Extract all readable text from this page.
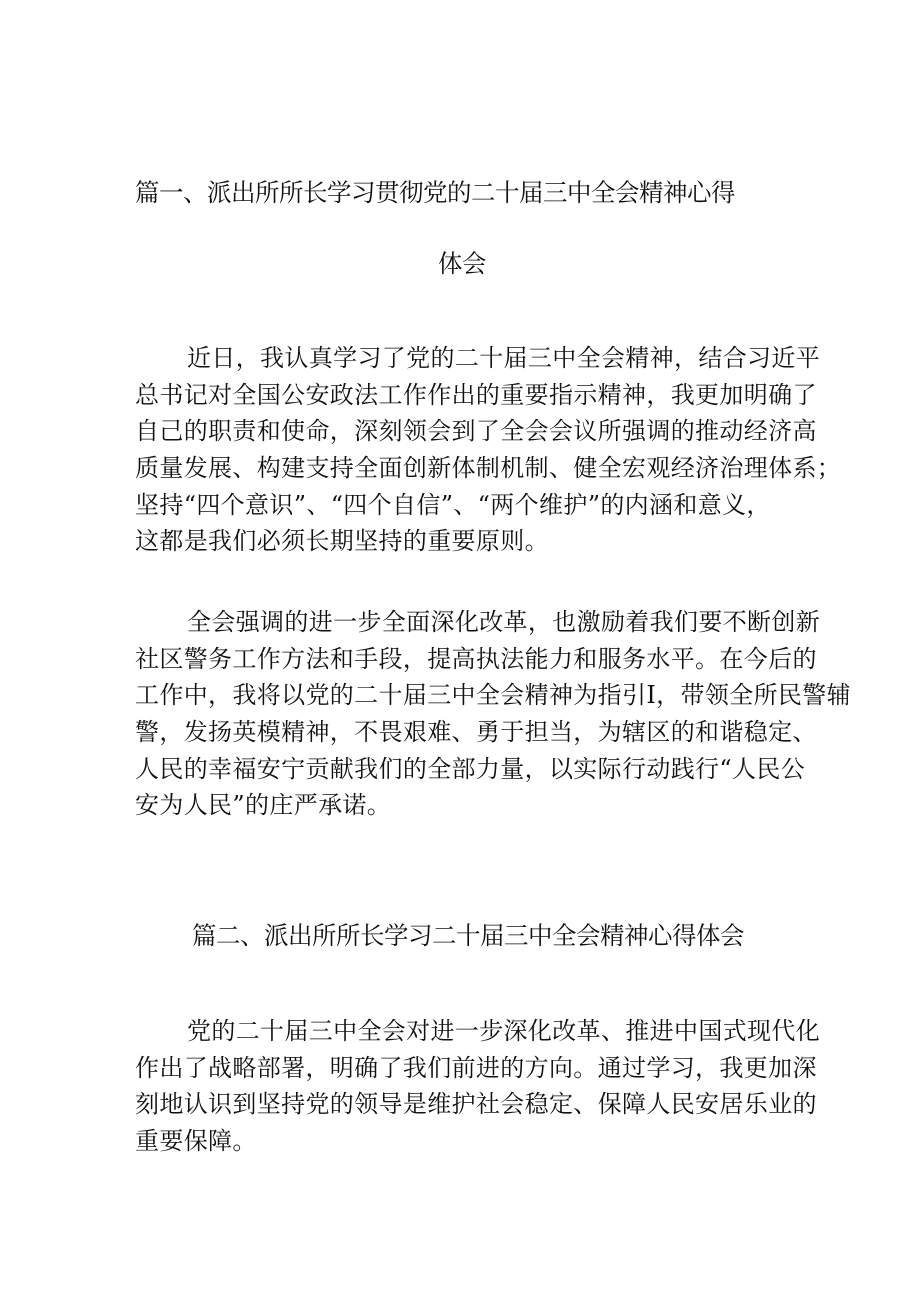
篇一、派出所所长学习贯彻党的二十届三中全会精神心得
体会
近日，我认真学习了党的二十届三中全会精神，结合习近平
总书记对全国公安政法工作作出的重要指示精神，我更加明确了
自己的职责和使命，深刻领会到了全会会议所强调的推动经济高
质量发展、构建支持全面创新体制机制、健全宏观经济治理体系；
坚持“四个意识”、“四个自信”、“两个维护”的内涵和意义，
这都是我们必须长期坚持的重要原则。
全会强调的进一步全面深化改革，也激励着我们要不断创新
社区警务工作方法和手段，提高执法能力和服务水平。在今后的
工作中，我将以党的二十届三中全会精神为指引I，带领全所民警辅
警，发扬英模精神，不畏艰难、勇于担当，为辖区的和谐稳定、
人民的幸福安宁贡献我们的全部力量，以实际行动践行“人民公
安为人民”的庄严承诺。
篇二、派出所所长学习二十届三中全会精神心得体会
党的二十届三中全会对进一步深化改革、推进中国式现代化
作出了战略部署，明确了我们前进的方向。通过学习，我更加深
刻地认识到坚持党的领导是维护社会稳定、保障人民安居乐业的
重要保障。
